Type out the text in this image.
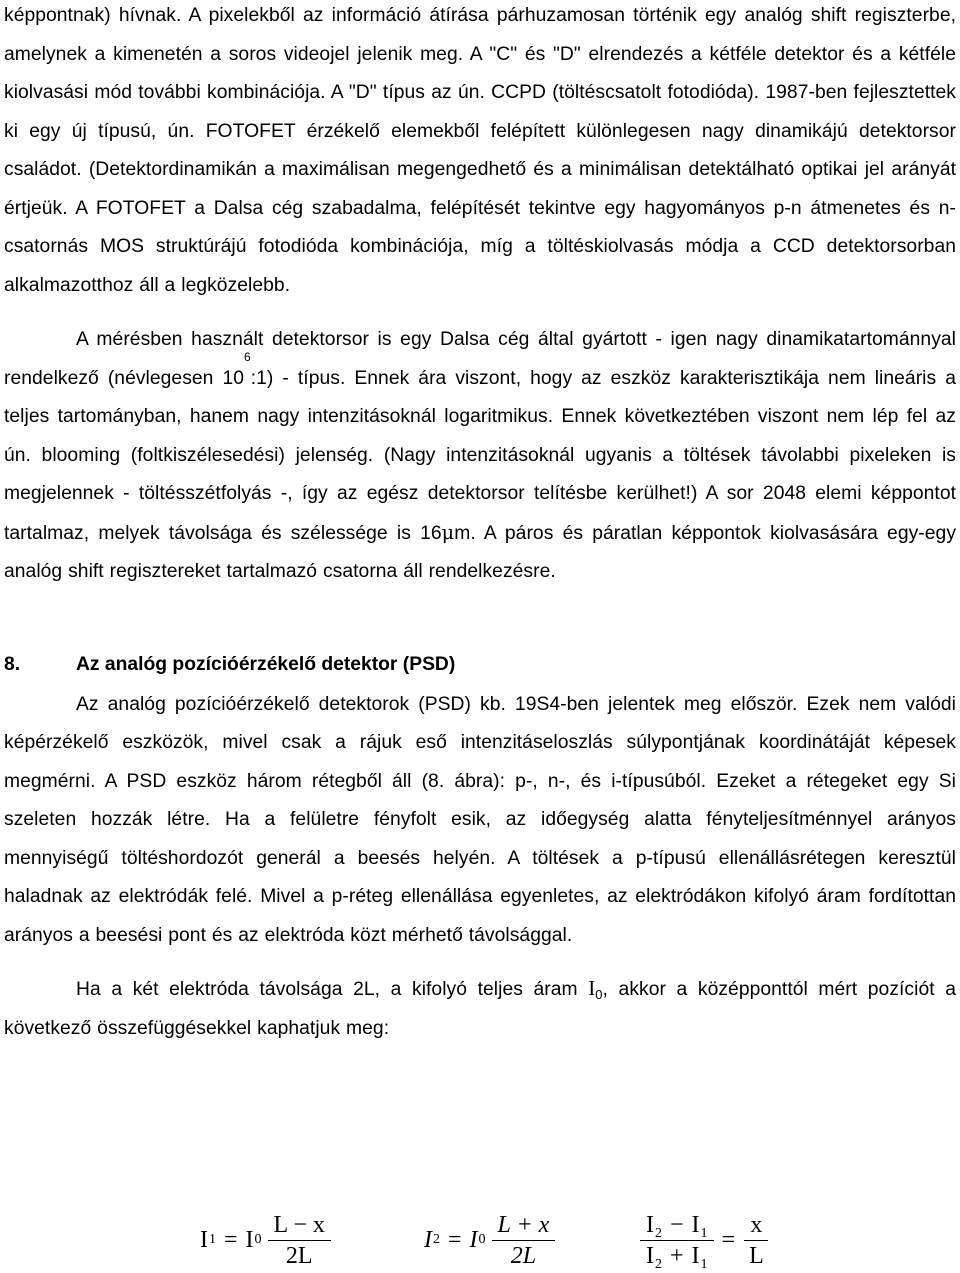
képpontnak) hívnak. A pixelekből az információ átírása párhuzamosan történik egy analóg shift regiszterbe, amelynek a kimenetén a soros videojel jelenik meg. A "C" és "D" elrendezés a kétféle detektor és a kétféle kiolvasási mód további kombinációja. A "D" típus az ún. CCPD (töltéscsatolt fotodióda). 1987-ben fejlesztettek ki egy új típusú, ún. FOTOFET érzékelő elemekből felépített különlegesen nagy dinamikájú detektorsor családot. (Detektordinamikán a maximálisan megengedhető és a minimálisan detektálható optikai jel arányát értjeük. A FOTOFET a Dalsa cég szabadalma, felépítését tekintve egy hagyományos p-n átmenetes és n-csatornás MOS struktúrájú fotodióda kombinációja, míg a töltéskiolvasás módja a CCD detektorsorban alkalmazotthoz áll a legközelebb.

A mérésben használt detektorsor is egy Dalsa cég által gyártott - igen nagy dinamikatartománnyal rendelkező (névlegesen $10^6:1$) - típus. Ennek ára viszont, hogy az eszköz karakterisztikája nem lineáris a teljes tartományban, hanem nagy intenzitásoknál logaritmikus. Ennek következtében viszont nem lép fel az ún. blooming (foltkiszélesedési) jelenség. (Nagy intenzitásoknál ugyanis a töltések távolabbi pixeleken is megjelennek - töltésszétfolyás -, így az egész detektorsor telítésbe kerülhet!) A sor 2048 elemi képpontot tartalmaz, melyek távolsága és szélessége is 16μm. A páros és páratlan képpontok kiolvasására egy-egy analóg shift regisztereket tartalmazó csatorna áll rendelkezésre.

8.	Az analóg pozícióérzékelő detektor (PSD)

Az analóg pozícióérzékelő detektorok (PSD) kb. 19S4-ben jelentek meg először. Ezek nem valódi képérzékelő eszközök, mivel csak a rájuk eső intenzitáseloszlás súlypontjának koordinátáját képesek megmérni. A PSD eszköz három rétegből áll (8. ábra): p-, n-, és i-típusúból. Ezeket a rétegeket egy Si szeleten hozzák létre. Ha a felületre fényfolt esik, az időegység alatta fényteljesítménnyel arányos mennyiségű töltéshordozót generál a beesés helyén. A töltések a p-típusú ellenállásrétegen keresztül haladnak az elektródák felé. Mivel a p-réteg ellenállása egyenletes, az elektródákon kifolyó áram fordítottan arányos a beesési pont és az elektróda közt mérhető távolsággal.

Ha a két elektróda távolsága 2L, a kifolyó teljes áram $I_0$, akkor a középponttól mért pozíciót a következő összefüggésekkel kaphatjuk meg:

I 1 = I $0 \frac{L - x}{2L}$	I 2 = I $0 \frac{L + x}{2L}$	$\frac{I_2 - I_1}{I_2 + I_1} = \frac{x}{L}$
